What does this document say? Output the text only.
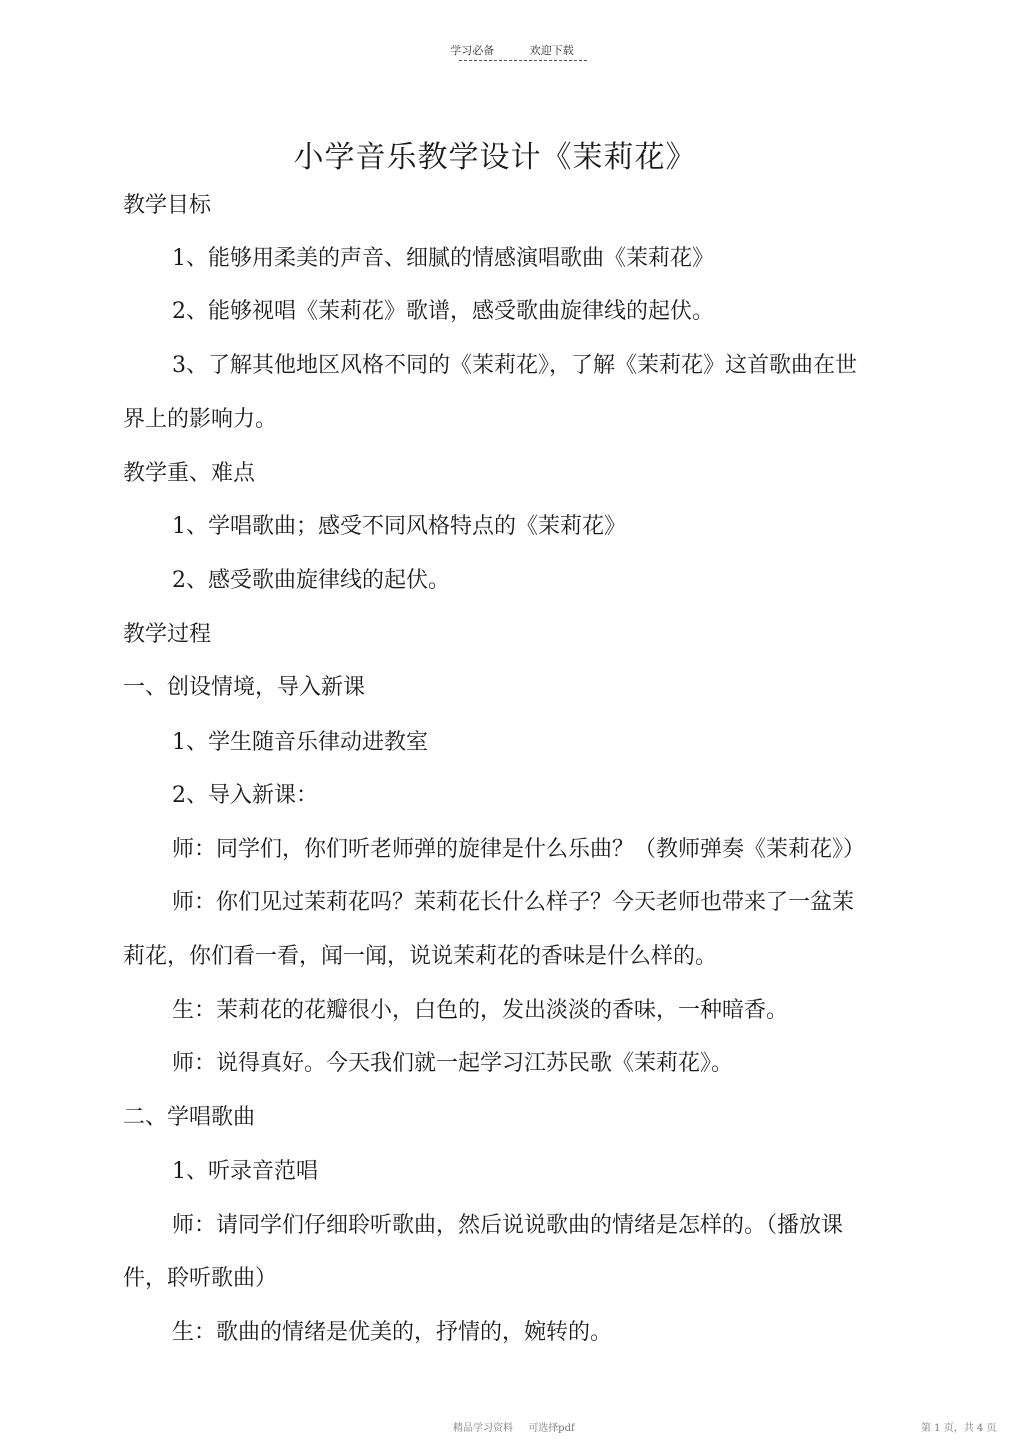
学习必备	欢迎下载
小学音乐教学设计《茉莉花》
教学目标
1、能够用柔美的声音、细腻的情感演唱歌曲《茉莉花》
2、能够视唱《茉莉花》歌谱，感受歌曲旋律线的起伏。
3、了解其他地区风格不同的《茉莉花》，了解《茉莉花》这首歌曲在世
界上的影响力。
教学重、难点
1、学唱歌曲；感受不同风格特点的《茉莉花》
2、感受歌曲旋律线的起伏。
教学过程
一、创设情境，导入新课
1、学生随音乐律动进教室
2、导入新课：
师：同学们，你们听老师弹的旋律是什么乐曲？（教师弹奏《茉莉花》）
师：你们见过茉莉花吗？茉莉花长什么样子？今天老师也带来了一盆茉
莉花，你们看一看，闻一闻，说说茉莉花的香味是什么样的。
生：茉莉花的花瓣很小，白色的，发出淡淡的香味，一种暗香。
师：说得真好。今天我们就一起学习江苏民歌《茉莉花》。
二、学唱歌曲
1、听录音范唱
师：请同学们仔细聆听歌曲，然后说说歌曲的情绪是怎样的。（播放课
件，聆听歌曲）
生：歌曲的情绪是优美的，抒情的，婉转的。
精品学习资料 可选择pdf	第 1 页，共 4 页
